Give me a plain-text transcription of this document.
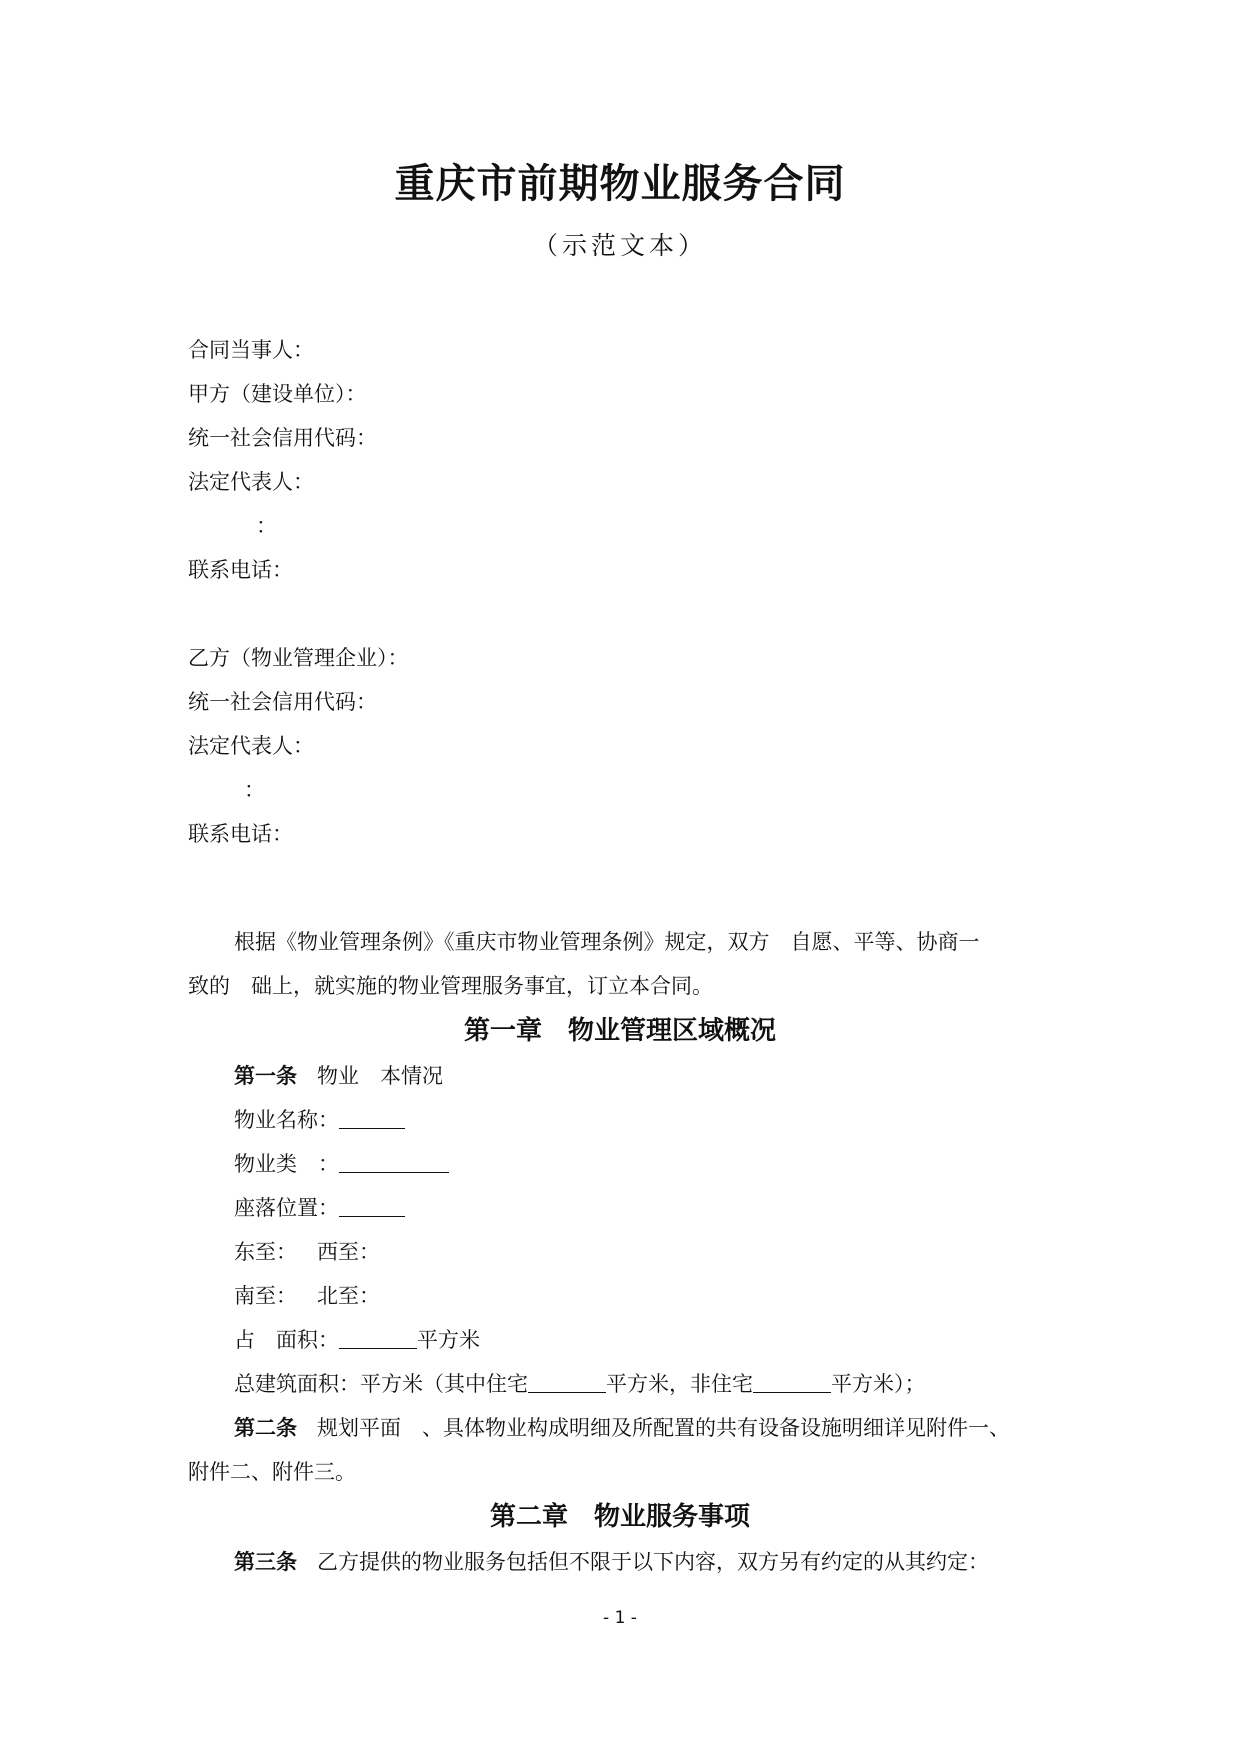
重庆市前期物业服务合同
（示范文本）
合同当事人：
甲方（建设单位）：
统一社会信用代码：
法定代表人：
：
联系电话：
乙方（物业管理企业）：
统一社会信用代码：
法定代表人：
：
联系电话：
根据《物业管理条例》《重庆市物业管理条例》规定，双方　自愿、平等、协商一
致的　础上，就实施的物业管理服务事宜，订立本合同。
第一章　物业管理区域概况
第一条 物业　本情况
物业名称：
物业类　：
座落位置：
东至： 西至：
南至： 北至：
占　面积：	平方米
总建筑面积：平方米（其中住宅	平方米，非住宅	平方米）；
第二条 规划平面　、具体物业构成明细及所配置的共有设备设施明细详见附件一、
附件二、附件三。
第二章　物业服务事项
第三条 乙方提供的物业服务包括但不限于以下内容，双方另有约定的从其约定：
- 1 -
